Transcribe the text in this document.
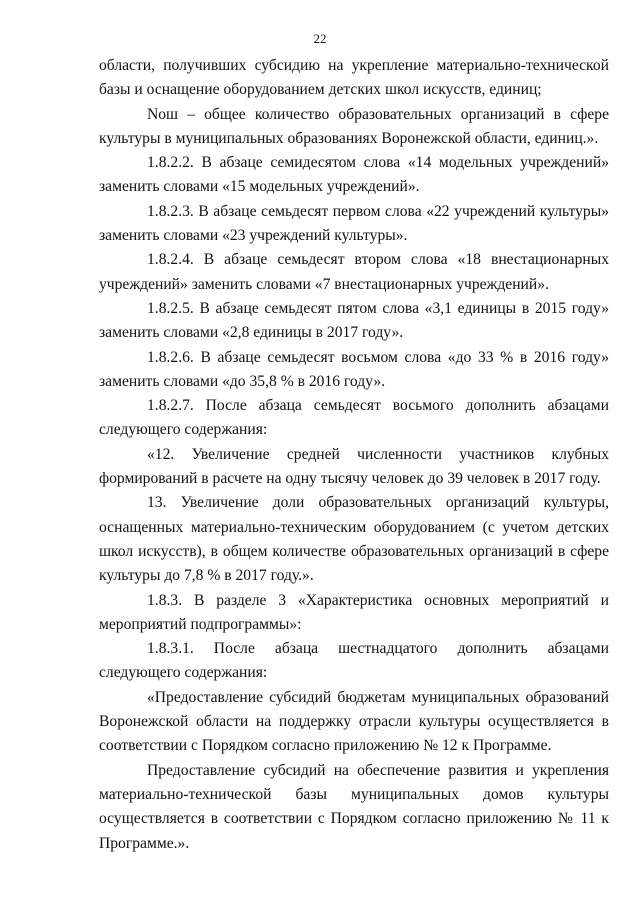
22

области, получивших субсидию на укрепление материально-технической базы и оснащение оборудованием детских школ искусств, единиц;

Nош – общее количество образовательных организаций в сфере культуры в муниципальных образованиях Воронежской области, единиц.».

1.8.2.2. В абзаце семидесятом слова «14 модельных учреждений» заменить словами «15 модельных учреждений».

1.8.2.3. В абзаце семьдесят первом слова «22 учреждений культуры» заменить словами «23 учреждений культуры».

1.8.2.4. В абзаце семьдесят втором слова «18 внестационарных учреждений» заменить словами «7 внестационарных учреждений».

1.8.2.5. В абзаце семьдесят пятом слова «3,1 единицы в 2015 году» заменить словами «2,8 единицы в 2017 году».

1.8.2.6. В абзаце семьдесят восьмом слова «до 33 % в 2016 году» заменить словами «до 35,8 % в 2016 году».

1.8.2.7. После абзаца семьдесят восьмого дополнить абзацами следующего содержания:

«12. Увеличение средней численности участников клубных формирований в расчете на одну тысячу человек до 39 человек в 2017 году.

13. Увеличение доли образовательных организаций культуры, оснащенных материально-техническим оборудованием (с учетом детских школ искусств), в общем количестве образовательных организаций в сфере культуры до 7,8 % в 2017 году.».

1.8.3. В разделе 3 «Характеристика основных мероприятий и мероприятий подпрограммы»:

1.8.3.1. После абзаца шестнадцатого дополнить абзацами следующего содержания:

«Предоставление субсидий бюджетам муниципальных образований Воронежской области на поддержку отрасли культуры осуществляется в соответствии с Порядком согласно приложению № 12 к Программе.

Предоставление субсидий на обеспечение развития и укрепления материально-технической базы муниципальных домов культуры осуществляется в соответствии с Порядком согласно приложению № 11 к Программе.».
